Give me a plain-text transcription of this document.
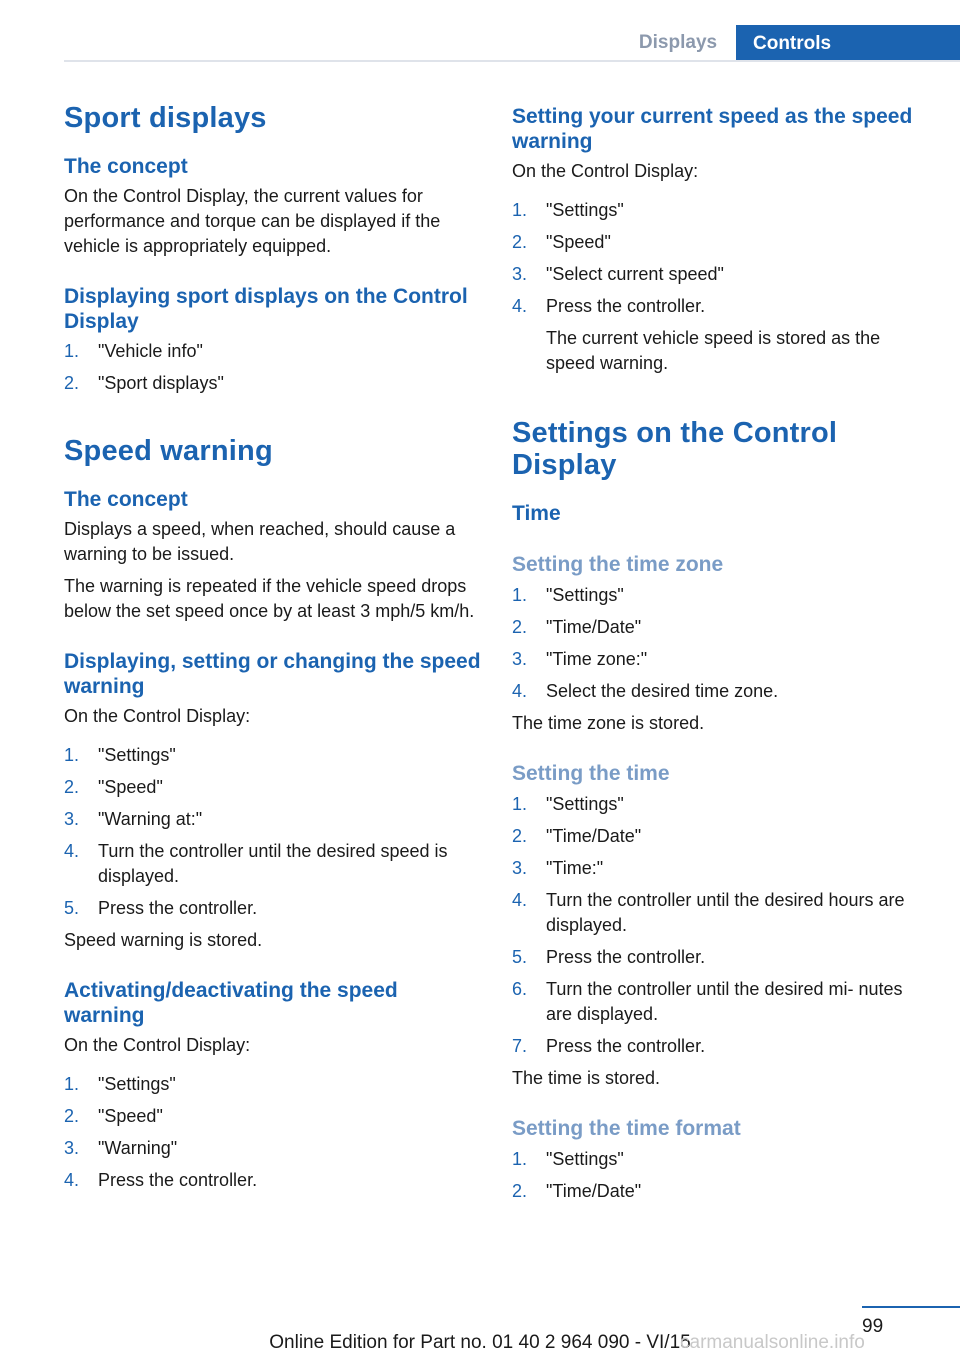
Displays	Controls
Sport displays
The concept

On the Control Display, the current values for performance and torque can be displayed if the vehicle is appropriately equipped.

Displaying sport displays on the Control Display
1.	"Vehicle info"
2.	"Sport displays"
Speed warning
The concept

Displays a speed, when reached, should cause a warning to be issued.

The warning is repeated if the vehicle speed drops below the set speed once by at least 3 mph/5 km/h.

Displaying, setting or changing the speed warning

On the Control Display:

1.	"Settings"
2.	"Speed"
3.	"Warning at:"
4.	Turn the controller until the desired speed is displayed.
5.	Press the controller.

Speed warning is stored.

Activating/deactivating the speed warning

On the Control Display:

1.	"Settings"
2.	"Speed"
3.	"Warning"
4.	Press the controller.
Setting your current speed as the speed warning

On the Control Display:

1.	"Settings"
2.	"Speed"
3.	"Select current speed"
4.	Press the controller.

The current vehicle speed is stored as the speed warning.

Settings on the Control Display
Time
Setting the time zone
1.	"Settings"
2.	"Time/Date"
3.	"Time zone:"
4.	Select the desired time zone.

The time zone is stored.

Setting the time
1.	"Settings"
2.	"Time/Date"
3.	"Time:"
4.	Turn the controller until the desired hours are displayed.
5.	Press the controller.
6.	Turn the controller until the desired mi‐ nutes are displayed.
7.	Press the controller.

The time is stored.

Setting the time format
1.	"Settings"
2.	"Time/Date"
99
Online Edition for Part no. 01 40 2 964 090 - VI/15
carmanualsonline.info
